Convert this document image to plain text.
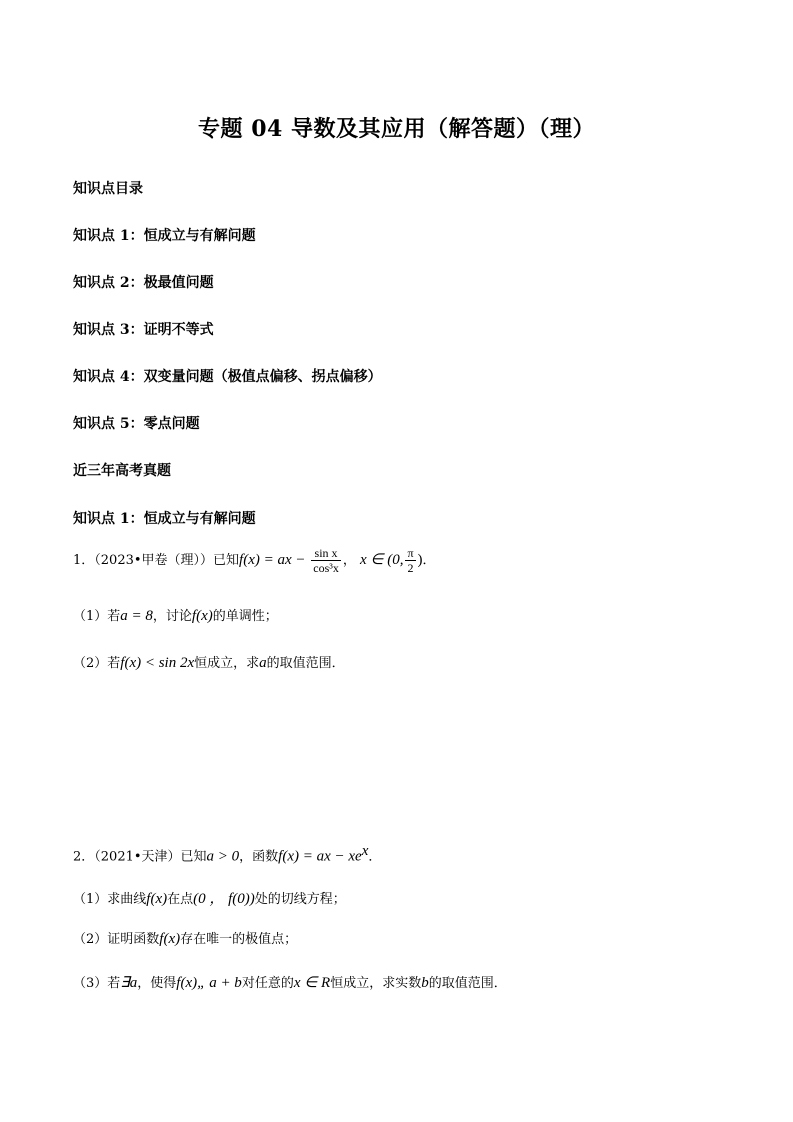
专题 04 导数及其应用（解答题）（理）
知识点目录
知识点 1：恒成立与有解问题
知识点 2：极最值问题
知识点 3：证明不等式
知识点 4：双变量问题（极值点偏移、拐点偏移）
知识点 5：零点问题
近三年高考真题
知识点 1：恒成立与有解问题
1．（2023•甲卷（理））已知f(x) = ax − $\frac{\text{sin x}}{\text{cos³x}}$ ， x ∈ (0, $\frac{\pi}{2}$ )．
（1）若a = 8，讨论f(x)的单调性；
（2）若f(x) < sin 2x恒成立，求a的取值范围．
2．（2021•天津）已知a > 0，函数f(x) = ax − $xe^x$．
（1）求曲线f(x)在点(0 ， f(0))处的切线方程；
（2）证明函数f(x)存在唯一的极值点；
（3）若∃a，使得f(x)„ a + b对任意的x ∈ R恒成立，求实数b的取值范围．
